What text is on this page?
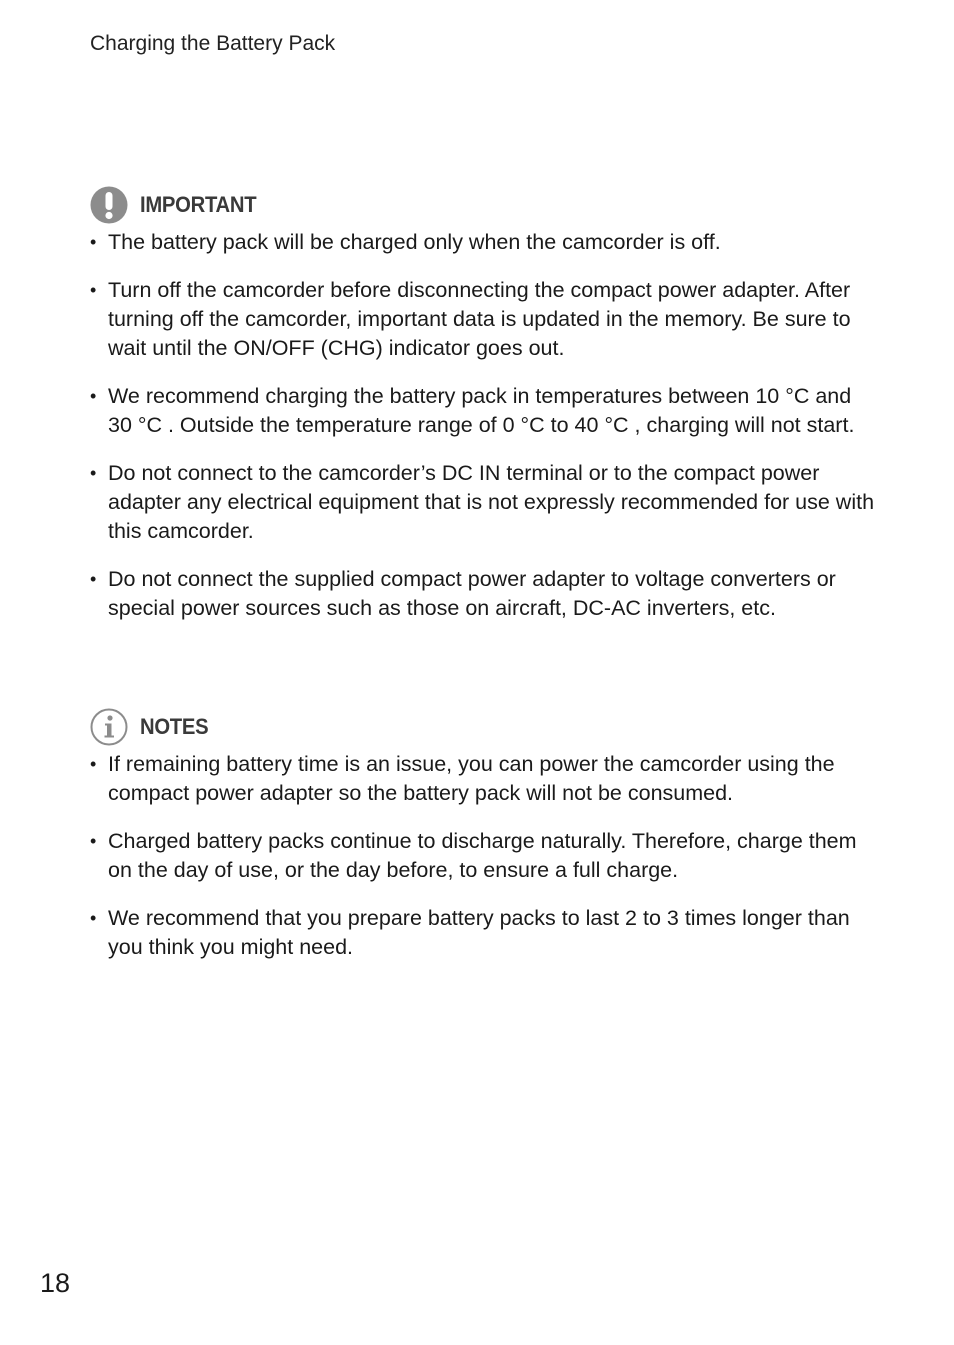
Charging the Battery Pack
IMPORTANT
• The battery pack will be charged only when the camcorder is off.
• Turn off the camcorder before disconnecting the compact power adapter. After turning off the camcorder, important data is updated in the memory. Be sure to wait until the ON/OFF (CHG) indicator goes out.
• We recommend charging the battery pack in temperatures between 10 °C and 30 °C . Outside the temperature range of 0 °C to 40 °C , charging will not start.
• Do not connect to the camcorder’s DC IN terminal or to the compact power adapter any electrical equipment that is not expressly recommended for use with this camcorder.
• Do not connect the supplied compact power adapter to voltage converters or special power sources such as those on aircraft, DC-AC inverters, etc.
NOTES
• If remaining battery time is an issue, you can power the camcorder using the compact power adapter so the battery pack will not be consumed.
• Charged battery packs continue to discharge naturally. Therefore, charge them on the day of use, or the day before, to ensure a full charge.
• We recommend that you prepare battery packs to last 2 to 3 times longer than you think you might need.
18
